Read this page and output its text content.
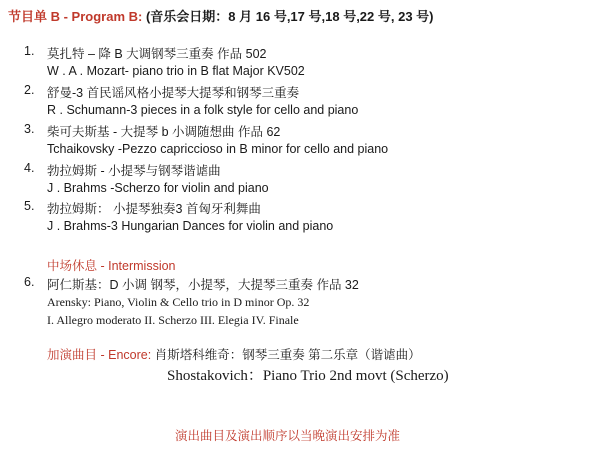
节目单 B - Program B: (音乐会日期：8 月 16 号,17 号,18 号,22 号, 23 号)
1. 莫扎特 – 降 B 大调钢琴三重奏 作品 502
W . A . Mozart- piano trio in B flat Major KV502
2. 舒曼-3 首民谣风格小提琴大提琴和钢琴三重奏
R . Schumann-3 pieces in a folk style for cello and piano
3. 柴可夫斯基 - 大提琴 b 小调随想曲 作品 62
Tchaikovsky -Pezzo capriccioso in B minor for cello and piano
4. 勃拉姆斯 - 小提琴与钢琴谐谑曲
J . Brahms -Scherzo for violin and piano
5. 勃拉姆斯： 小提琴独奏3 首匈牙利舞曲
J . Brahms-3 Hungarian Dances for violin and piano
中场休息 - Intermission
6. 阿仁斯基：D 小调 钢琴，小提琴，大提琴三重奏 作品 32
Arensky: Piano, Violin & Cello trio in D minor Op. 32
I. Allegro moderato II. Scherzo III. Elegia IV. Finale
加演曲目 - Encore: 肖斯塔科维奇：钢琴三重奏 第二乐章（谐谑曲）
Shostakovich：Piano Trio 2nd movt (Scherzo)
演出曲目及演出顺序以当晚演出安排为准
